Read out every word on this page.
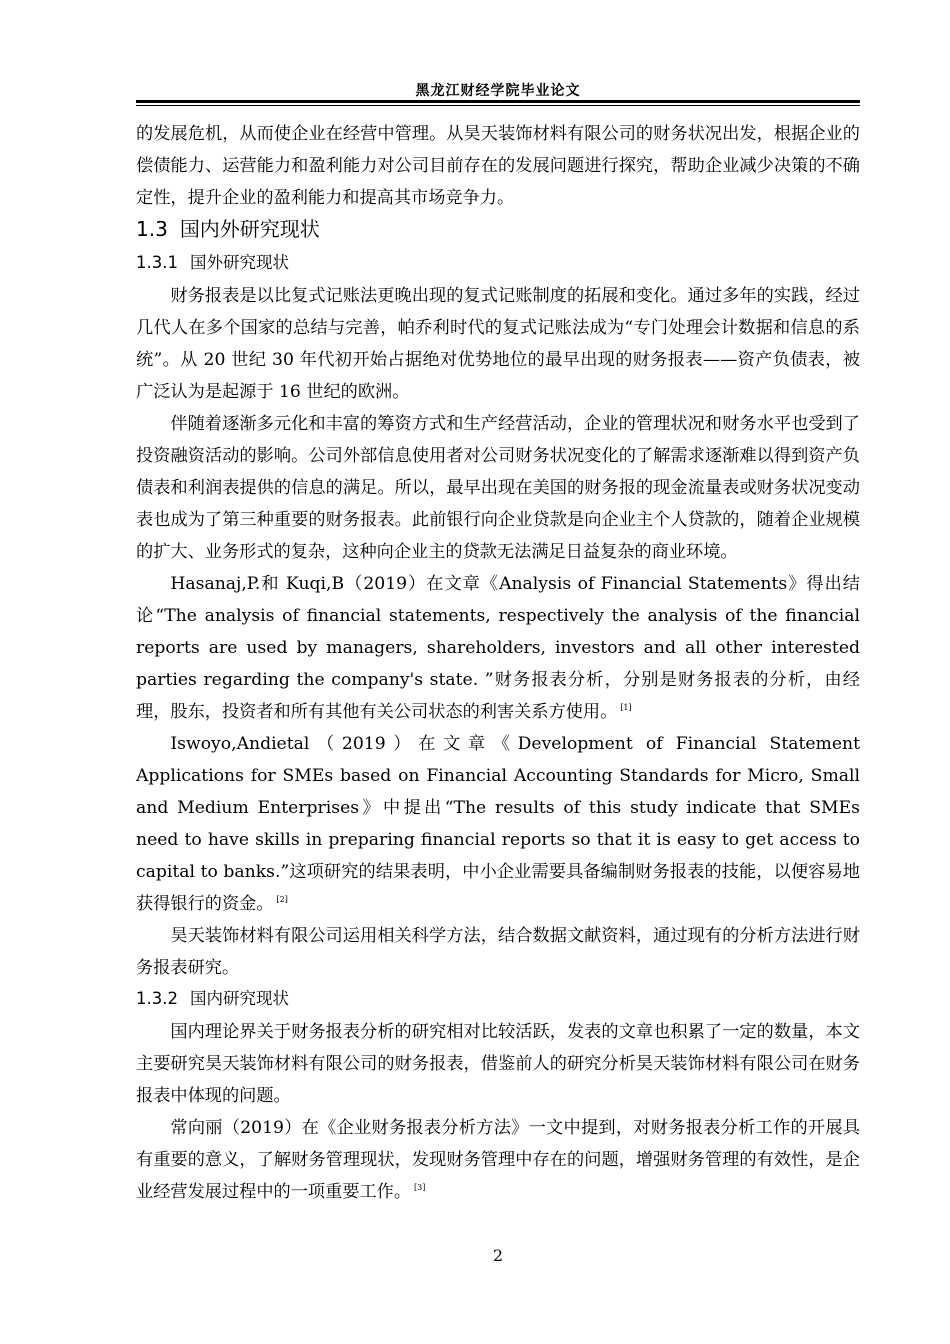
黑龙江财经学院毕业论文

的发展危机，从而使企业在经营中管理。从昊天装饰材料有限公司的财务状况出发，根据企业的偿债能力、运营能力和盈利能力对公司目前存在的发展问题进行探究，帮助企业减少决策的不确定性，提升企业的盈利能力和提高其市场竞争力。

1.3 国内外研究现状
1.3.1 国外研究现状

财务报表是以比复式记账法更晚出现的复式记账制度的拓展和变化。通过多年的实践，经过几代人在多个国家的总结与完善，帕乔利时代的复式记账法成为“专门处理会计数据和信息的系统”。从 20 世纪 30 年代初开始占据绝对优势地位的最早出现的财务报表——资产负债表，被广泛认为是起源于 16 世纪的欧洲。

伴随着逐渐多元化和丰富的筹资方式和生产经营活动，企业的管理状况和财务水平也受到了投资融资活动的影响。公司外部信息使用者对公司财务状况变化的了解需求逐渐难以得到资产负债表和利润表提供的信息的满足。所以，最早出现在美国的财务报的现金流量表或财务状况变动表也成为了第三种重要的财务报表。此前银行向企业贷款是向企业主个人贷款的，随着企业规模的扩大、业务形式的复杂，这种向企业主的贷款无法满足日益复杂的商业环境。

Hasanaj,P.和 Kuqi,B（2019）在文章《Analysis of Financial Statements》得出结论“The analysis of financial statements, respectively the analysis of the financial reports are used by managers, shareholders, investors and all other interested parties regarding the company's state. ”财务报表分析，分别是财务报表的分析，由经理，股东，投资者和所有其他有关公司状态的利害关系方使用。 [1]

Iswoyo,Andietal（2019）在文章《Development of Financial Statement Applications for SMEs based on Financial Accounting Standards for Micro, Small and Medium Enterprises》中提出“The results of this study indicate that SMEs need to have skills in preparing financial reports so that it is easy to get access to capital to banks.”这项研究的结果表明，中小企业需要具备编制财务报表的技能，以便容易地获得银行的资金。 [2]

昊天装饰材料有限公司运用相关科学方法，结合数据文献资料，通过现有的分析方法进行财务报表研究。

1.3.2 国内研究现状

国内理论界关于财务报表分析的研究相对比较活跃，发表的文章也积累了一定的数量，本文主要研究昊天装饰材料有限公司的财务报表，借鉴前人的研究分析昊天装饰材料有限公司在财务报表中体现的问题。

常向丽（2019）在《企业财务报表分析方法》一文中提到，对财务报表分析工作的开展具有重要的意义，了解财务管理现状，发现财务管理中存在的问题，增强财务管理的有效性，是企业经营发展过程中的一项重要工作。 [3]

2
